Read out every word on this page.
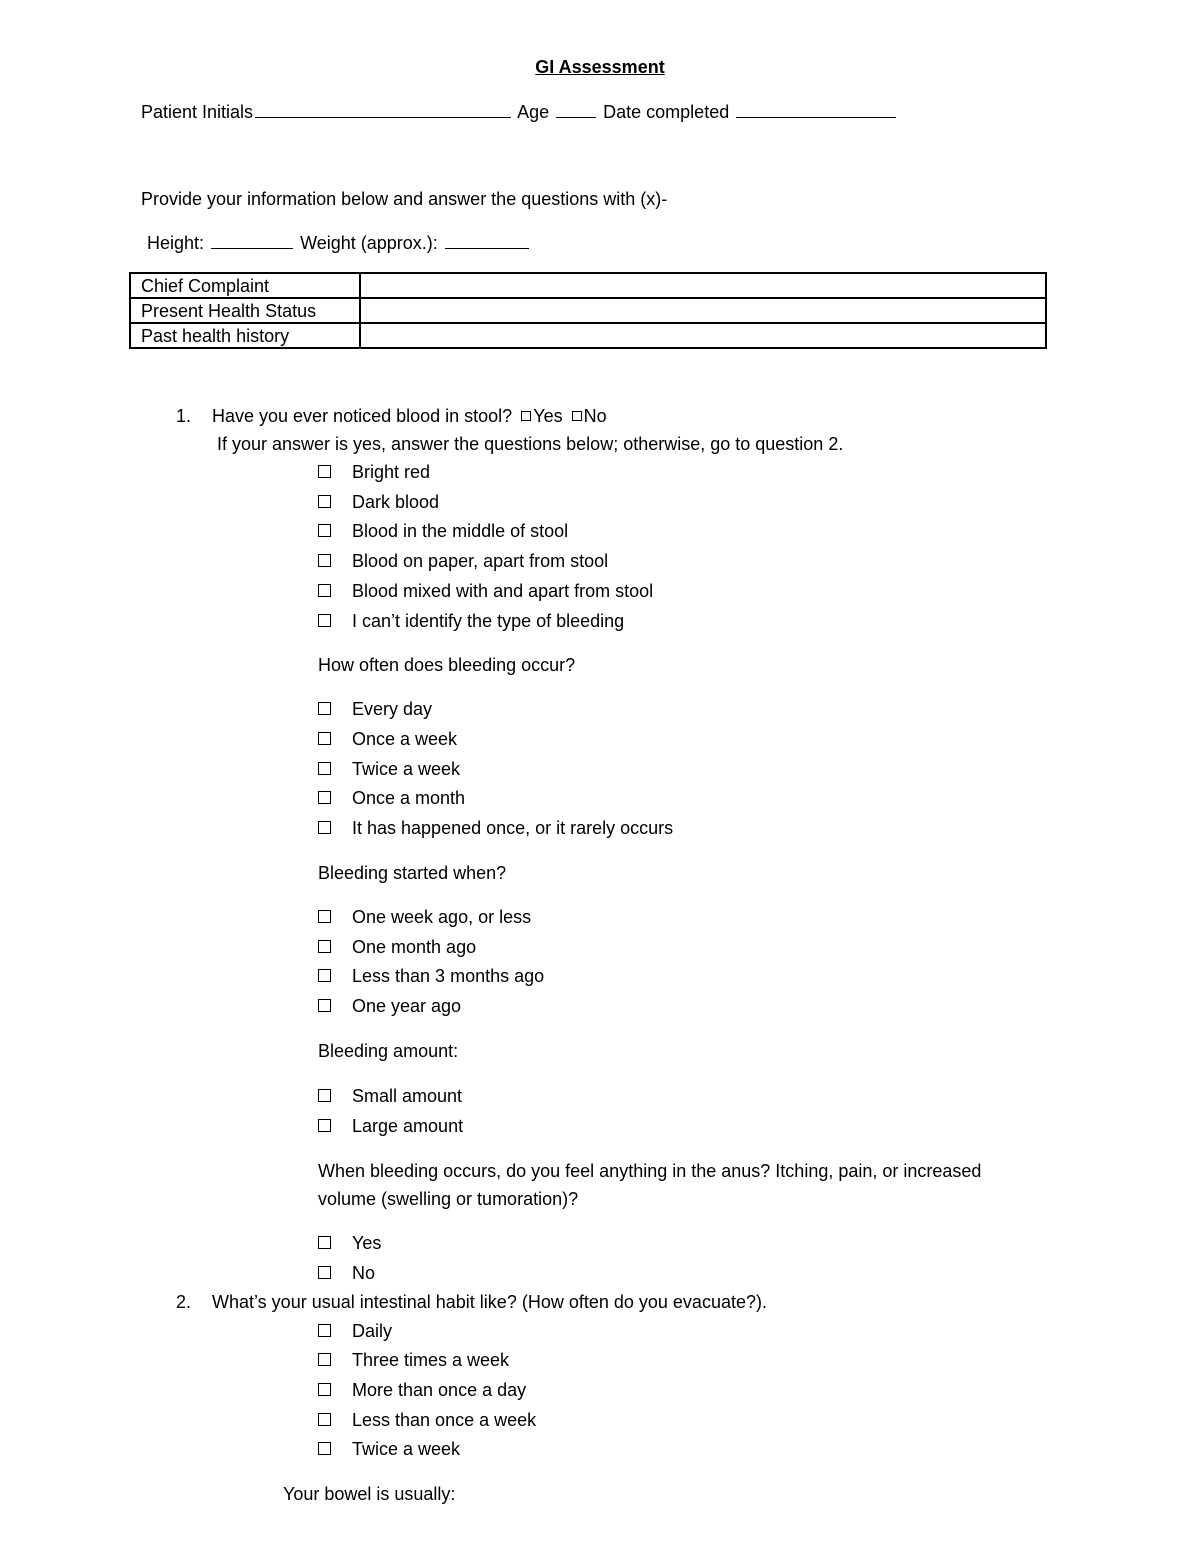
GI Assessment
Patient Initials	Age	Date completed
Provide your information below and answer the questions with (x)-
Height:	Weight (approx.):
Chief Complaint	
Present Health Status	
Past health history	
1. Have you ever noticed blood in stool? Yes No
If your answer is yes, answer the questions below; otherwise, go to question 2.
Bright red
Dark blood
Blood in the middle of stool
Blood on paper, apart from stool
Blood mixed with and apart from stool
I can’t identify the type of bleeding
How often does bleeding occur?
Every day
Once a week
Twice a week
Once a month
It has happened once, or it rarely occurs
Bleeding started when?
One week ago, or less
One month ago
Less than 3 months ago
One year ago
Bleeding amount:
Small amount
Large amount
When bleeding occurs, do you feel anything in the anus? Itching, pain, or increased
volume (swelling or tumoration)?
Yes
No
2. What’s your usual intestinal habit like? (How often do you evacuate?).
Daily
Three times a week
More than once a day
Less than once a week
Twice a week
Your bowel is usually:
